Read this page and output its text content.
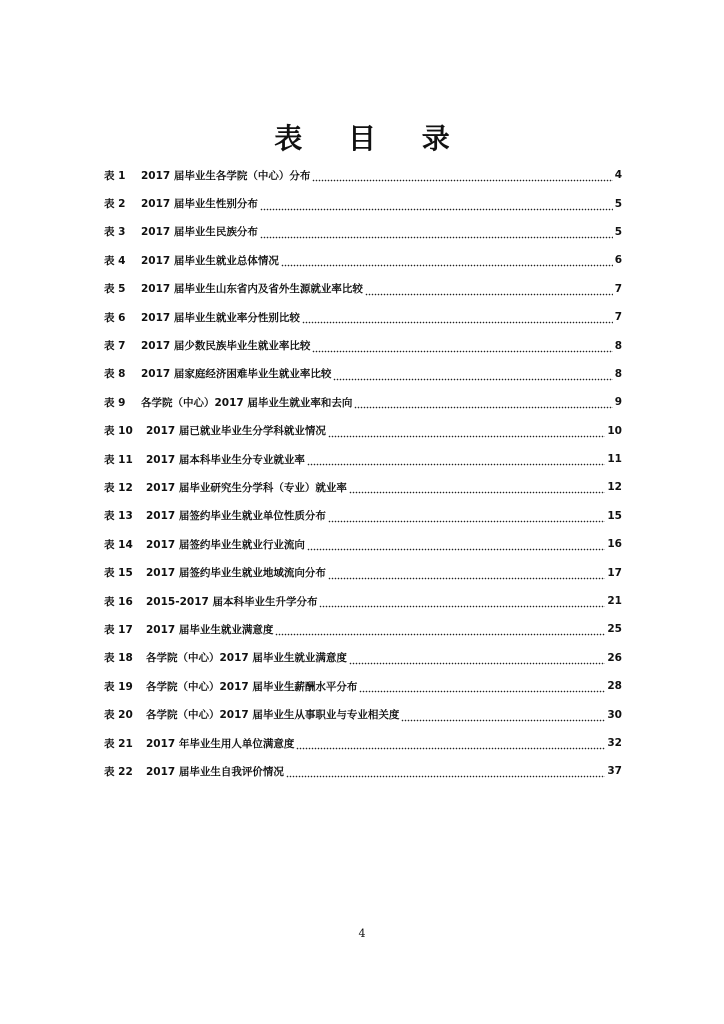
表 目 录
表 1	2017 届毕业生各学院（中心）分布	4
表 2	2017 届毕业生性别分布	5
表 3	2017 届毕业生民族分布	5
表 4	2017 届毕业生就业总体情况	6
表 5	2017 届毕业生山东省内及省外生源就业率比较	7
表 6	2017 届毕业生就业率分性别比较	7
表 7	2017 届少数民族毕业生就业率比较	8
表 8	2017 届家庭经济困难毕业生就业率比较	8
表 9	各学院（中心）2017 届毕业生就业率和去向	9
表 10	2017 届已就业毕业生分学科就业情况	10
表 11	2017 届本科毕业生分专业就业率	11
表 12	2017 届毕业研究生分学科（专业）就业率	12
表 13	2017 届签约毕业生就业单位性质分布	15
表 14	2017 届签约毕业生就业行业流向	16
表 15	2017 届签约毕业生就业地域流向分布	17
表 16	2015-2017 届本科毕业生升学分布	21
表 17	2017 届毕业生就业满意度	25
表 18	各学院（中心）2017 届毕业生就业满意度	26
表 19	各学院（中心）2017 届毕业生薪酬水平分布	28
表 20	各学院（中心）2017 届毕业生从事职业与专业相关度	30
表 21	2017 年毕业生用人单位满意度	32
表 22	2017 届毕业生自我评价情况	37
4
